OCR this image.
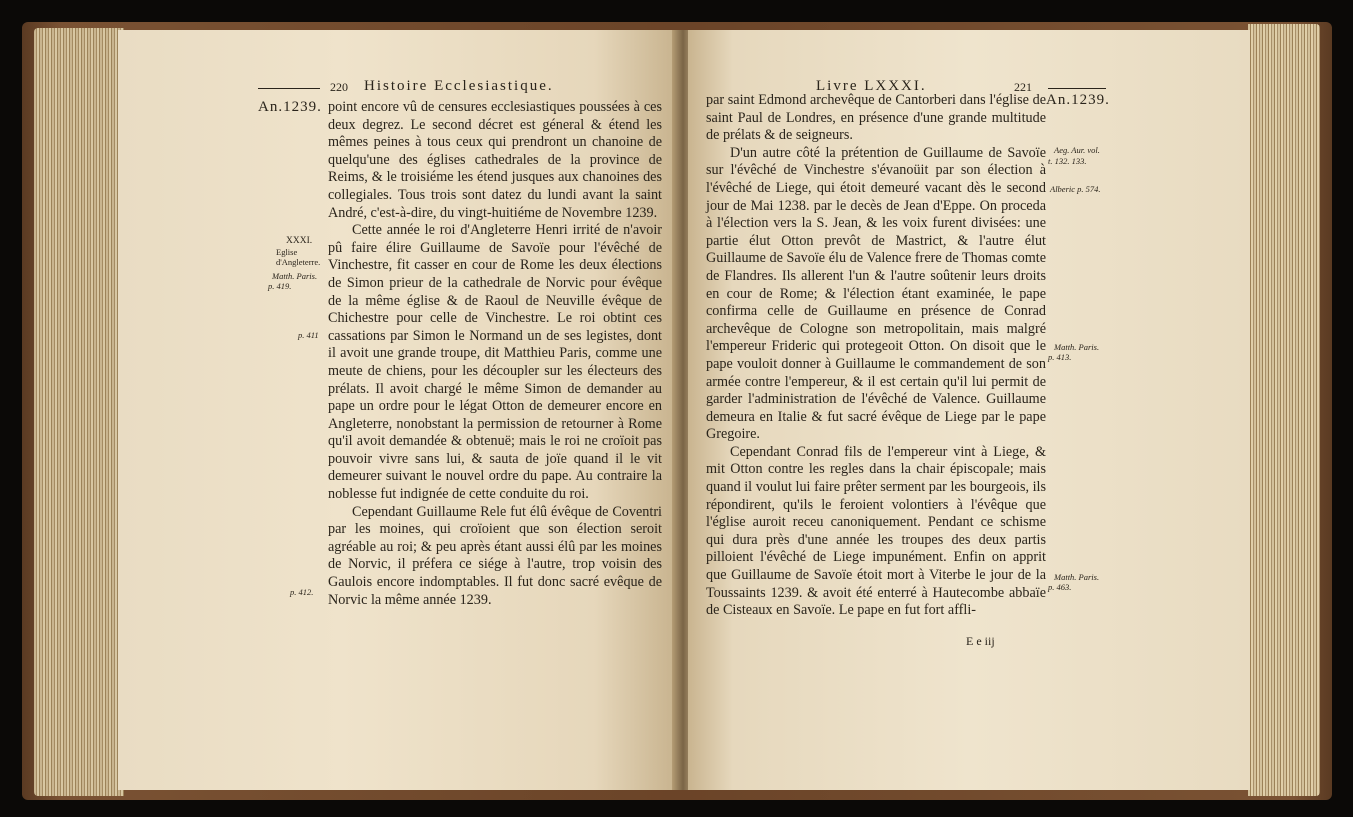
220 Histoire Ecclesiastique.
An.1239. point encore vû de censures ecclesiastiques poussées à ces deux degrez. Le second décret est géneral & étend les mêmes peines à tous ceux qui prendront un chanoine de quelqu'une des églises cathedrales de la province de Reims, & le troisiéme les étend jusques aux chanoines des collegiales. Tous trois sont datez du lundi avant la saint André, c'est-à-dire, du vingt-huitiéme de Novembre 1239.

Cette année le roi d'Angleterre Henri irrité de n'avoir pû faire élire Guillaume de Savoïe pour l'évêché de Vinchestre, fit casser en cour de Rome les deux élections de Simon prieur de la cathedrale de Norvic pour évêque de la même église & de Raoul de Neuville évêque de Chichestre pour celle de Vinchestre. Le roi obtint ces cassations par Simon le Normand un de ses legistes, dont il avoit une grande troupe, dit Matthieu Paris, comme une meute de chiens, pour les découpler sur les électeurs des prélats. Il avoit chargé le même Simon de demander au pape un ordre pour le légat Otton de demeurer encore en Angleterre, nonobstant la permission de retourner à Rome qu'il avoit demandée & obtenuë; mais le roi ne croïoit pas pouvoir vivre sans lui, & sauta de joïe quand il le vit demeurer suivant le nouvel ordre du pape. Au contraire la noblesse fut indignée de cette conduite du roi.

Cependant Guillaume Rele fut élû évêque de Coventri par les moines, qui croïoient que son élection seroit agréable au roi; & peu après étant aussi élû par les moines de Norvic, il préfera ce siége à l'autre, trop voisin des Gaulois encore indomptables. Il fut donc sacré evêque de Norvic la même année 1239.

XXXI.
Eglise d'Angleterre.
Matth. Paris.
p. 419.
p. 411
p. 412.
Livre LXXXI.	221
An.1239.

par saint Edmond archevêque de Cantorberi dans l'église de saint Paul de Londres, en présence d'une grande multitude de prélats & de seigneurs.

D'un autre côté la prétention de Guillaume de Savoïe sur l'évêché de Vinchestre s'évanoüit par son élection à l'évêché de Liege, qui étoit demeuré vacant dès le second jour de Mai 1238. par le decès de Jean d'Eppe. On proceda à l'élection vers la S. Jean, & les voix furent divisées: une partie élut Otton prevôt de Mastrict, & l'autre élut Guillaume de Savoïe élu de Valence frere de Thomas comte de Flandres. Ils allerent l'un & l'autre soûtenir leurs droits en cour de Rome; & l'élection étant examinée, le pape confirma celle de Guillaume en présence de Conrad archevêque de Cologne son metropolitain, mais malgré l'empereur Frideric qui protegeoit Otton. On disoit que le pape vouloit donner à Guillaume le commandement de son armée contre l'empereur, & il est certain qu'il lui permit de garder l'administration de l'évêché de Valence. Guillaume demeura en Italie & fut sacré évêque de Liege par le pape Gregoire.

Cependant Conrad fils de l'empereur vint à Liege, & mit Otton contre les regles dans la chair épiscopale; mais quand il voulut lui faire prêter serment par les bourgeois, ils répondirent, qu'ils le feroient volontiers à l'évêque que l'église auroit receu canoniquement. Pendant ce schisme qui dura près d'une année les troupes des deux partis pilloient l'évêché de Liege impunément. Enfin on apprit que Guillaume de Savoïe étoit mort à Viterbe le jour de la Toussaints 1239. & avoit été enterré à Hautecombe abbaïe de Cisteaux en Savoïe. Le pape en fut fort affli-

Aeg. Aur. vol.
t. 132. 133.
Alberic p. 574.
Matth. Paris.
p. 413.
Matth. Paris.
p. 463.
E e iij
